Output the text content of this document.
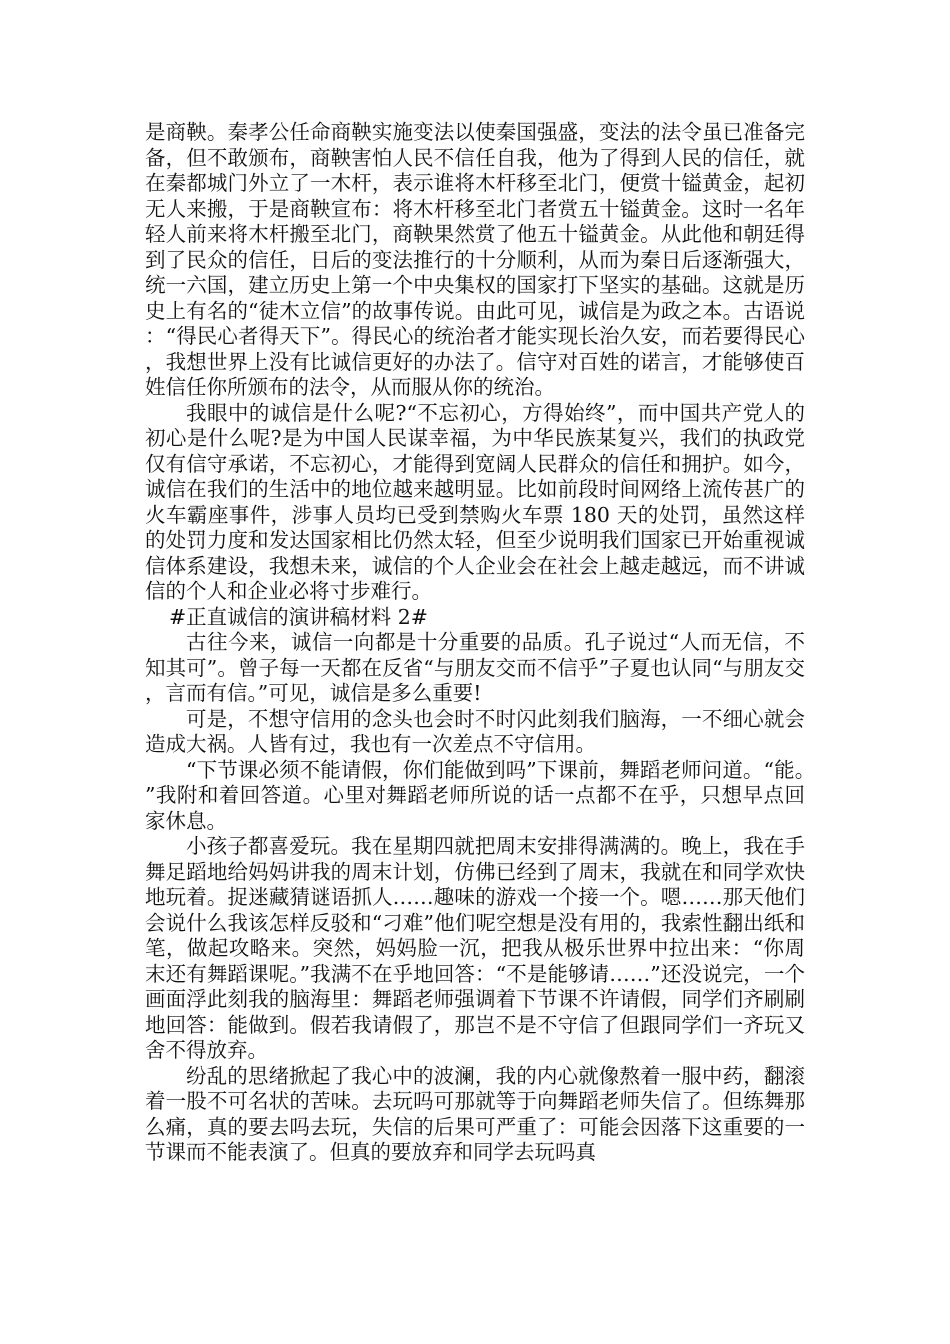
是商鞅。秦孝公任命商鞅实施变法以使秦国强盛，变法的法令虽已准备完备，但不敢颁布，商鞅害怕人民不信任自我，他为了得到人民的信任，就在秦都城门外立了一木杆，表示谁将木杆移至北门，便赏十镒黄金，起初无人来搬，于是商鞅宣布：将木杆移至北门者赏五十镒黄金。这时一名年轻人前来将木杆搬至北门，商鞅果然赏了他五十镒黄金。从此他和朝廷得到了民众的信任，日后的变法推行的十分顺利，从而为秦日后逐渐强大，统一六国，建立历史上第一个中央集权的国家打下坚实的基础。这就是历史上有名的“徒木立信”的故事传说。由此可见，诚信是为政之本。古语说：“得民心者得天下”。得民心的统治者才能实现长治久安，而若要得民心，我想世界上没有比诚信更好的办法了。信守对百姓的诺言，才能够使百姓信任你所颁布的法令，从而服从你的统治。

我眼中的诚信是什么呢?“不忘初心，方得始终”，而中国共产党人的初心是什么呢?是为中国人民谋幸福，为中华民族某复兴，我们的执政党仅有信守承诺，不忘初心，才能得到宽阔人民群众的信任和拥护。如今，诚信在我们的生活中的地位越来越明显。比如前段时间网络上流传甚广的火车霸座事件，涉事人员均已受到禁购火车票 180 天的处罚，虽然这样的处罚力度和发达国家相比仍然太轻，但至少说明我们国家已开始重视诚信体系建设，我想未来，诚信的个人企业会在社会上越走越远，而不讲诚信的个人和企业必将寸步难行。

#正直诚信的演讲稿材料 2#

古往今来，诚信一向都是十分重要的品质。孔子说过“人而无信，不知其可”。曾子每一天都在反省“与朋友交而不信乎”子夏也认同“与朋友交，言而有信。”可见，诚信是多么重要!

可是，不想守信用的念头也会时不时闪此刻我们脑海，一不细心就会造成大祸。人皆有过，我也有一次差点不守信用。

“下节课必须不能请假，你们能做到吗”下课前，舞蹈老师问道。“能。”我附和着回答道。心里对舞蹈老师所说的话一点都不在乎，只想早点回家休息。

小孩子都喜爱玩。我在星期四就把周末安排得满满的。晚上，我在手舞足蹈地给妈妈讲我的周末计划，仿佛已经到了周末，我就在和同学欢快地玩着。捉迷藏猜谜语抓人……趣味的游戏一个接一个。嗯……那天他们会说什么我该怎样反驳和“刁难”他们呢空想是没有用的，我索性翻出纸和笔，做起攻略来。突然，妈妈脸一沉，把我从极乐世界中拉出来：“你周末还有舞蹈课呢。”我满不在乎地回答：“不是能够请……”还没说完，一个画面浮此刻我的脑海里：舞蹈老师强调着下节课不许请假，同学们齐刷刷地回答：能做到。假若我请假了，那岂不是不守信了但跟同学们一齐玩又舍不得放弃。

纷乱的思绪掀起了我心中的波澜，我的内心就像熬着一服中药，翻滚着一股不可名状的苦味。去玩吗可那就等于向舞蹈老师失信了。但练舞那么痛，真的要去吗去玩，失信的后果可严重了：可能会因落下这重要的一节课而不能表演了。但真的要放弃和同学去玩吗真
